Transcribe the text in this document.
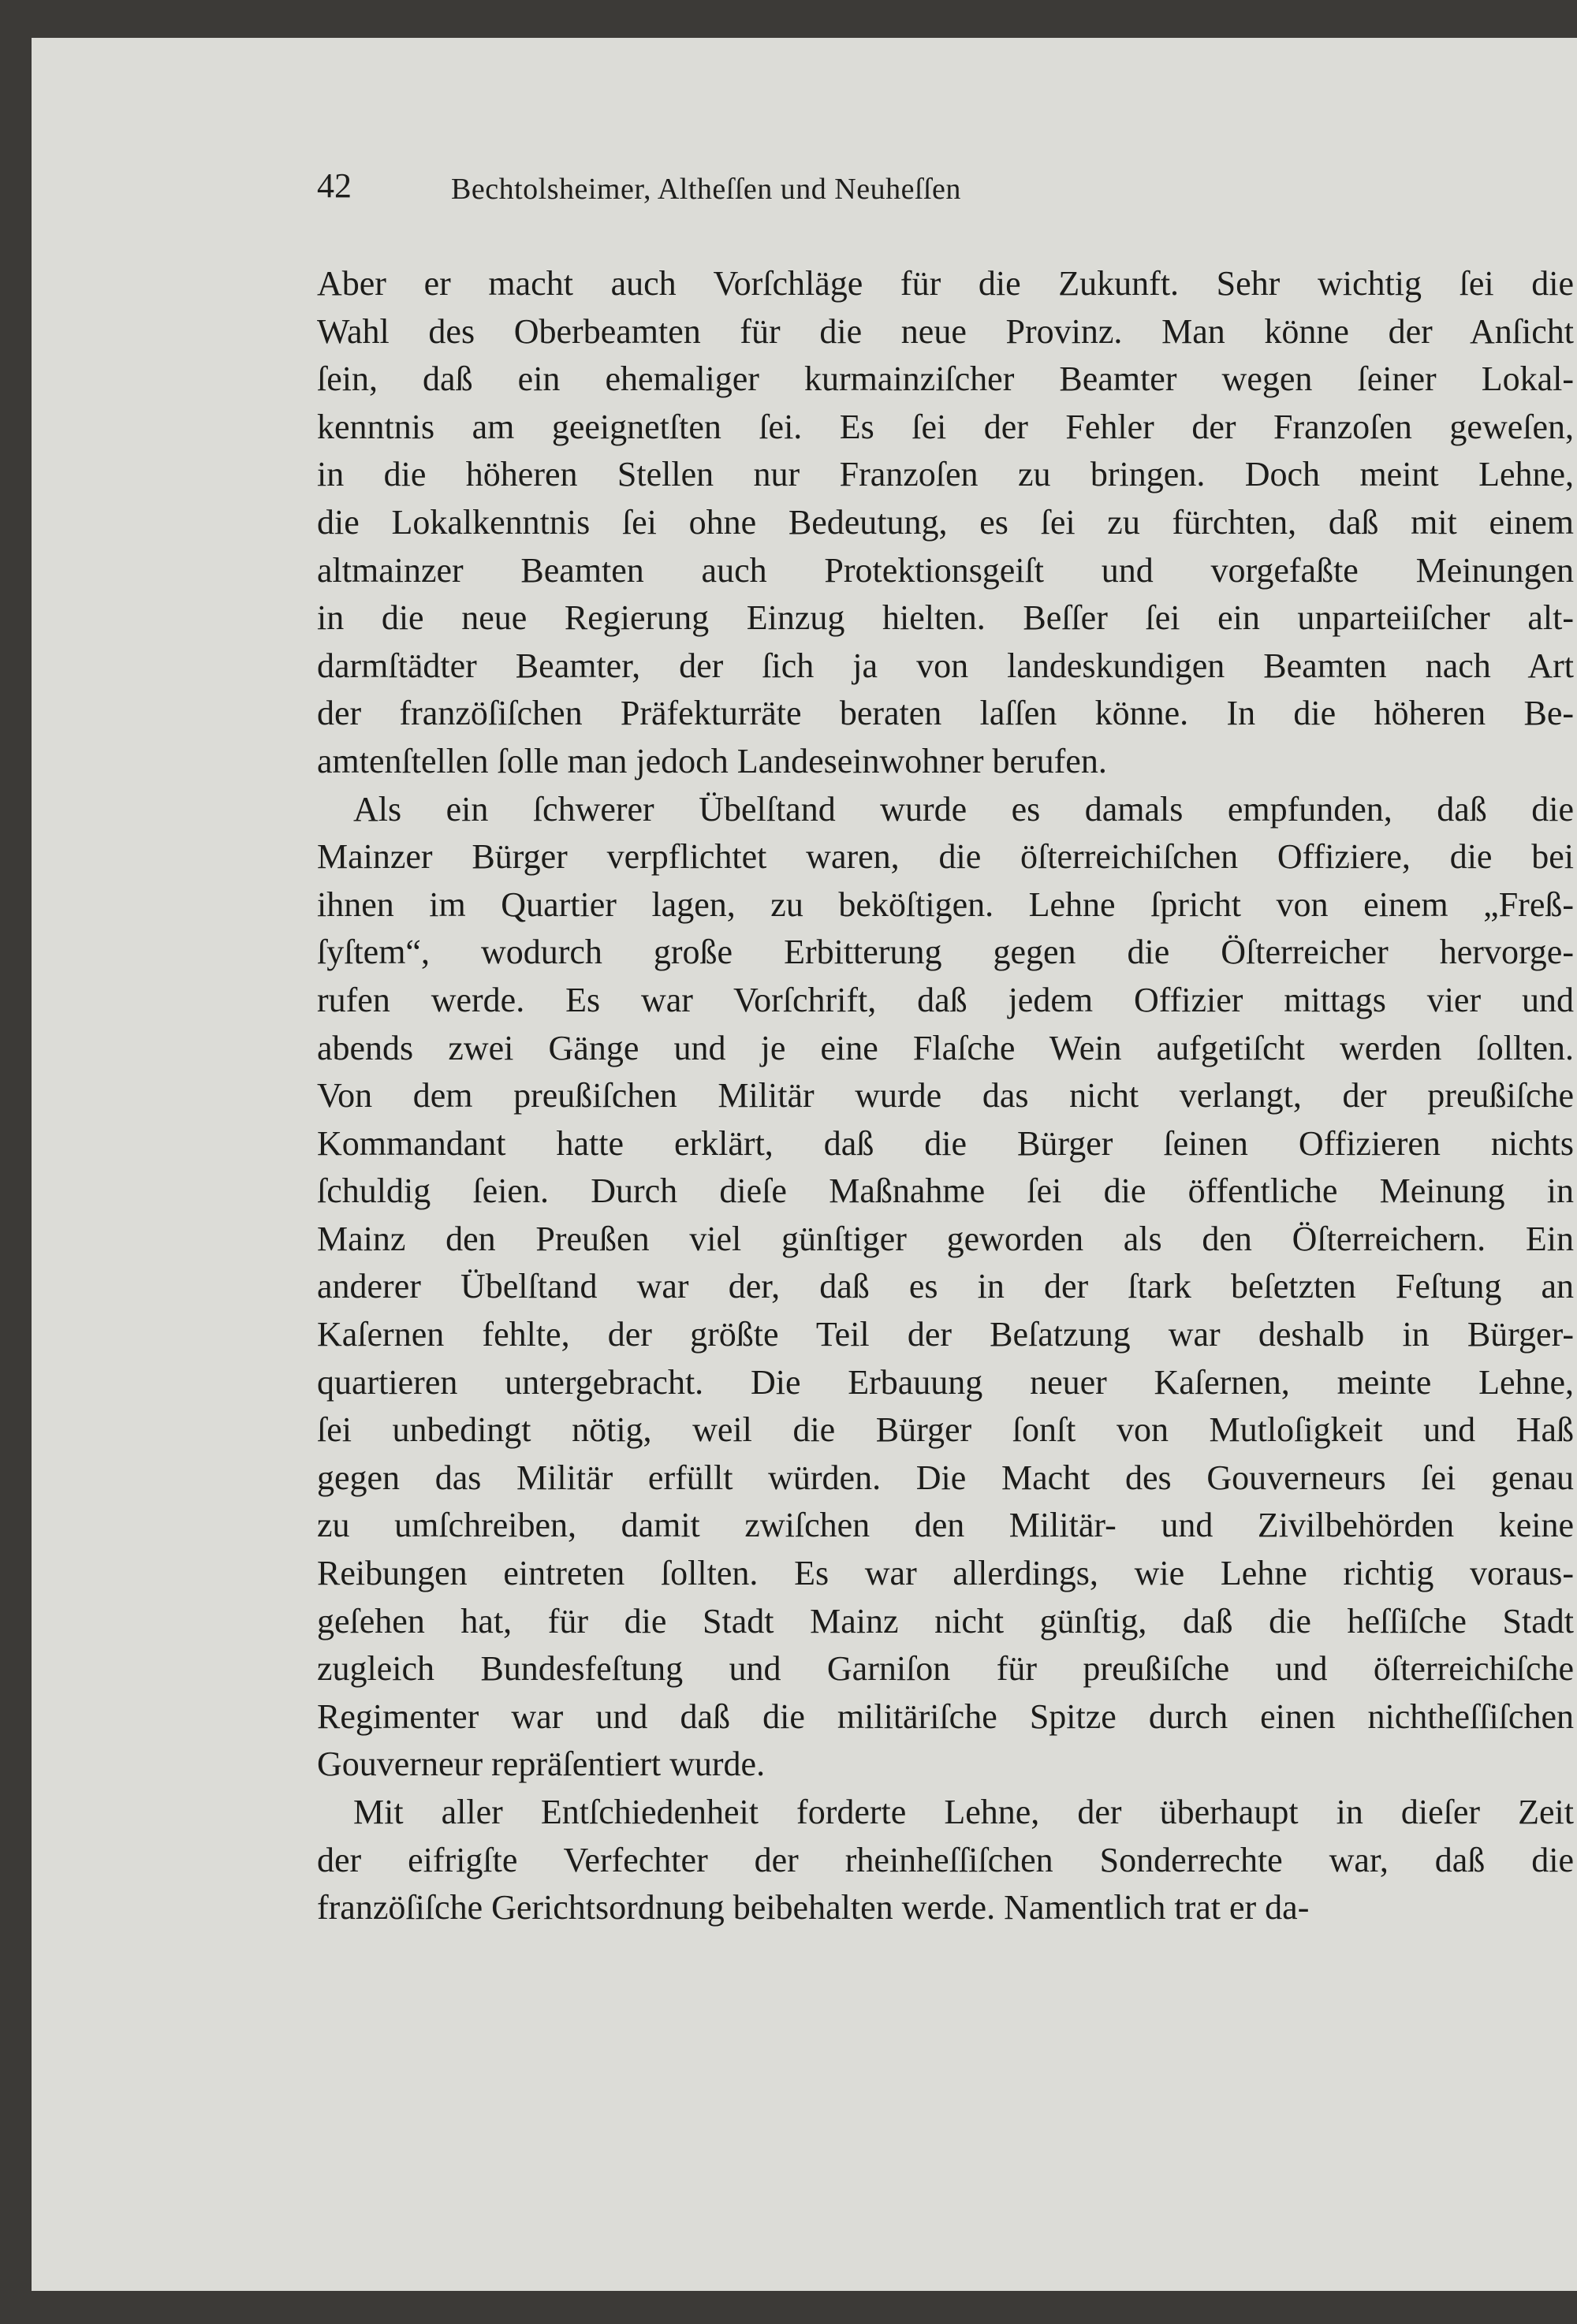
42	Bechtolsheimer, Altheſſen und Neuheſſen
Aber er macht auch Vorſchläge für die Zukunft. Sehr wichtig ſei die
Wahl des Oberbeamten für die neue Provinz. Man könne der Anſicht
ſein, daß ein ehemaliger kurmainziſcher Beamter wegen ſeiner Lokal-
kenntnis am geeignetſten ſei. Es ſei der Fehler der Franzoſen geweſen,
in die höheren Stellen nur Franzoſen zu bringen. Doch meint Lehne,
die Lokalkenntnis ſei ohne Bedeutung, es ſei zu fürchten, daß mit einem
altmainzer Beamten auch Protektionsgeiſt und vorgefaßte Meinungen
in die neue Regierung Einzug hielten. Beſſer ſei ein unparteiiſcher alt-
darmſtädter Beamter, der ſich ja von landeskundigen Beamten nach Art
der franzöſiſchen Präfekturräte beraten laſſen könne. In die höheren Be-
amtenſtellen ſolle man jedoch Landeseinwohner berufen.
Als ein ſchwerer Übelſtand wurde es damals empfunden, daß die
Mainzer Bürger verpflichtet waren, die öſterreichiſchen Offiziere, die bei
ihnen im Quartier lagen, zu beköſtigen. Lehne ſpricht von einem „Freß-
ſyſtem“, wodurch große Erbitterung gegen die Öſterreicher hervorge-
rufen werde. Es war Vorſchrift, daß jedem Offizier mittags vier und
abends zwei Gänge und je eine Flaſche Wein aufgetiſcht werden ſollten.
Von dem preußiſchen Militär wurde das nicht verlangt, der preußiſche
Kommandant hatte erklärt, daß die Bürger ſeinen Offizieren nichts
ſchuldig ſeien. Durch dieſe Maßnahme ſei die öffentliche Meinung in
Mainz den Preußen viel günſtiger geworden als den Öſterreichern. Ein
anderer Übelſtand war der, daß es in der ſtark beſetzten Feſtung an
Kaſernen fehlte, der größte Teil der Beſatzung war deshalb in Bürger-
quartieren untergebracht. Die Erbauung neuer Kaſernen, meinte Lehne,
ſei unbedingt nötig, weil die Bürger ſonſt von Mutloſigkeit und Haß
gegen das Militär erfüllt würden. Die Macht des Gouverneurs ſei genau
zu umſchreiben, damit zwiſchen den Militär- und Zivilbehörden keine
Reibungen eintreten ſollten. Es war allerdings, wie Lehne richtig voraus-
geſehen hat, für die Stadt Mainz nicht günſtig, daß die heſſiſche Stadt
zugleich Bundesfeſtung und Garniſon für preußiſche und öſterreichiſche
Regimenter war und daß die militäriſche Spitze durch einen nichtheſſiſchen
Gouverneur repräſentiert wurde.
Mit aller Entſchiedenheit forderte Lehne, der überhaupt in dieſer Zeit
der eifrigſte Verfechter der rheinheſſiſchen Sonderrechte war, daß die
franzöſiſche Gerichtsordnung beibehalten werde. Namentlich trat er da-
